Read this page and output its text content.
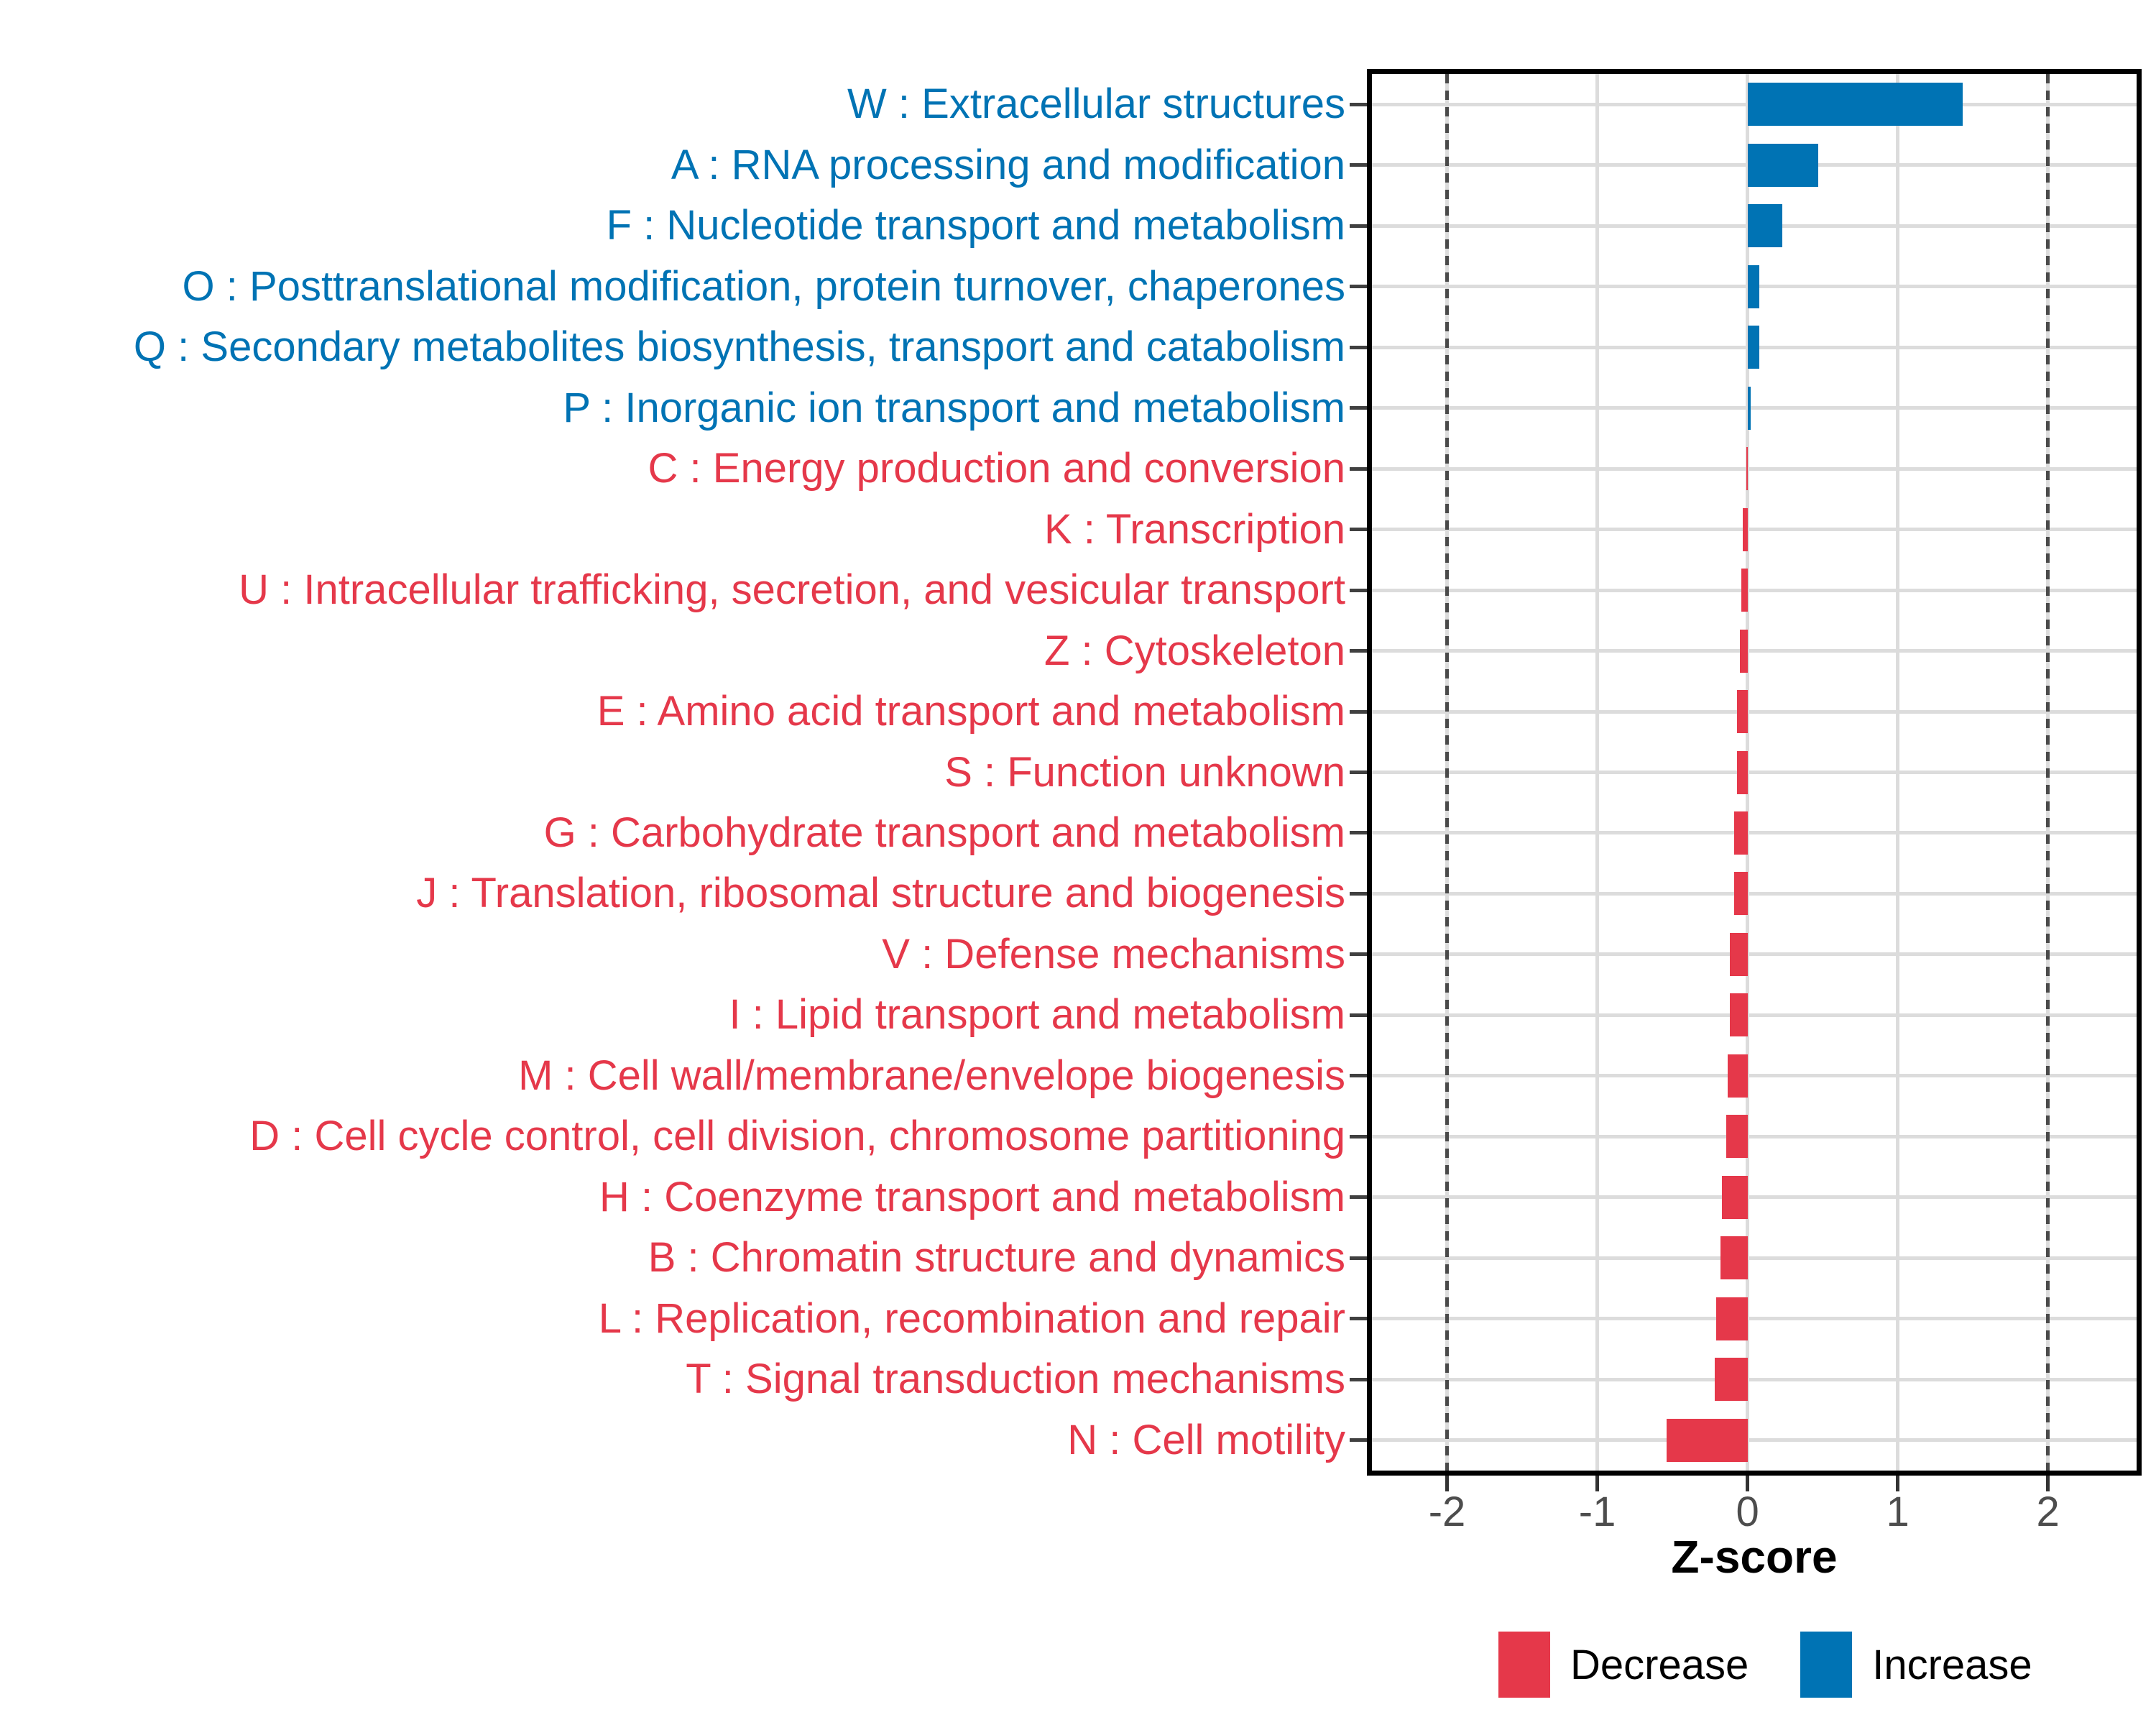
W : Extracellular structures
A : RNA processing and modification
F : Nucleotide transport and metabolism
O : Posttranslational modification, protein turnover, chaperones
Q : Secondary metabolites biosynthesis, transport and catabolism
P : Inorganic ion transport and metabolism
C : Energy production and conversion
K : Transcription
U : Intracellular trafficking, secretion, and vesicular transport
Z : Cytoskeleton
E : Amino acid transport and metabolism
S : Function unknown
G : Carbohydrate transport and metabolism
J : Translation, ribosomal structure and biogenesis
V : Defense mechanisms
I : Lipid transport and metabolism
M : Cell wall/membrane/envelope biogenesis
D : Cell cycle control, cell division, chromosome partitioning
H : Coenzyme transport and metabolism
B : Chromatin structure and dynamics
L : Replication, recombination and repair
T : Signal transduction mechanisms
N : Cell motility
-2	-1	0	1	2
Z-score
Decrease	Increase
